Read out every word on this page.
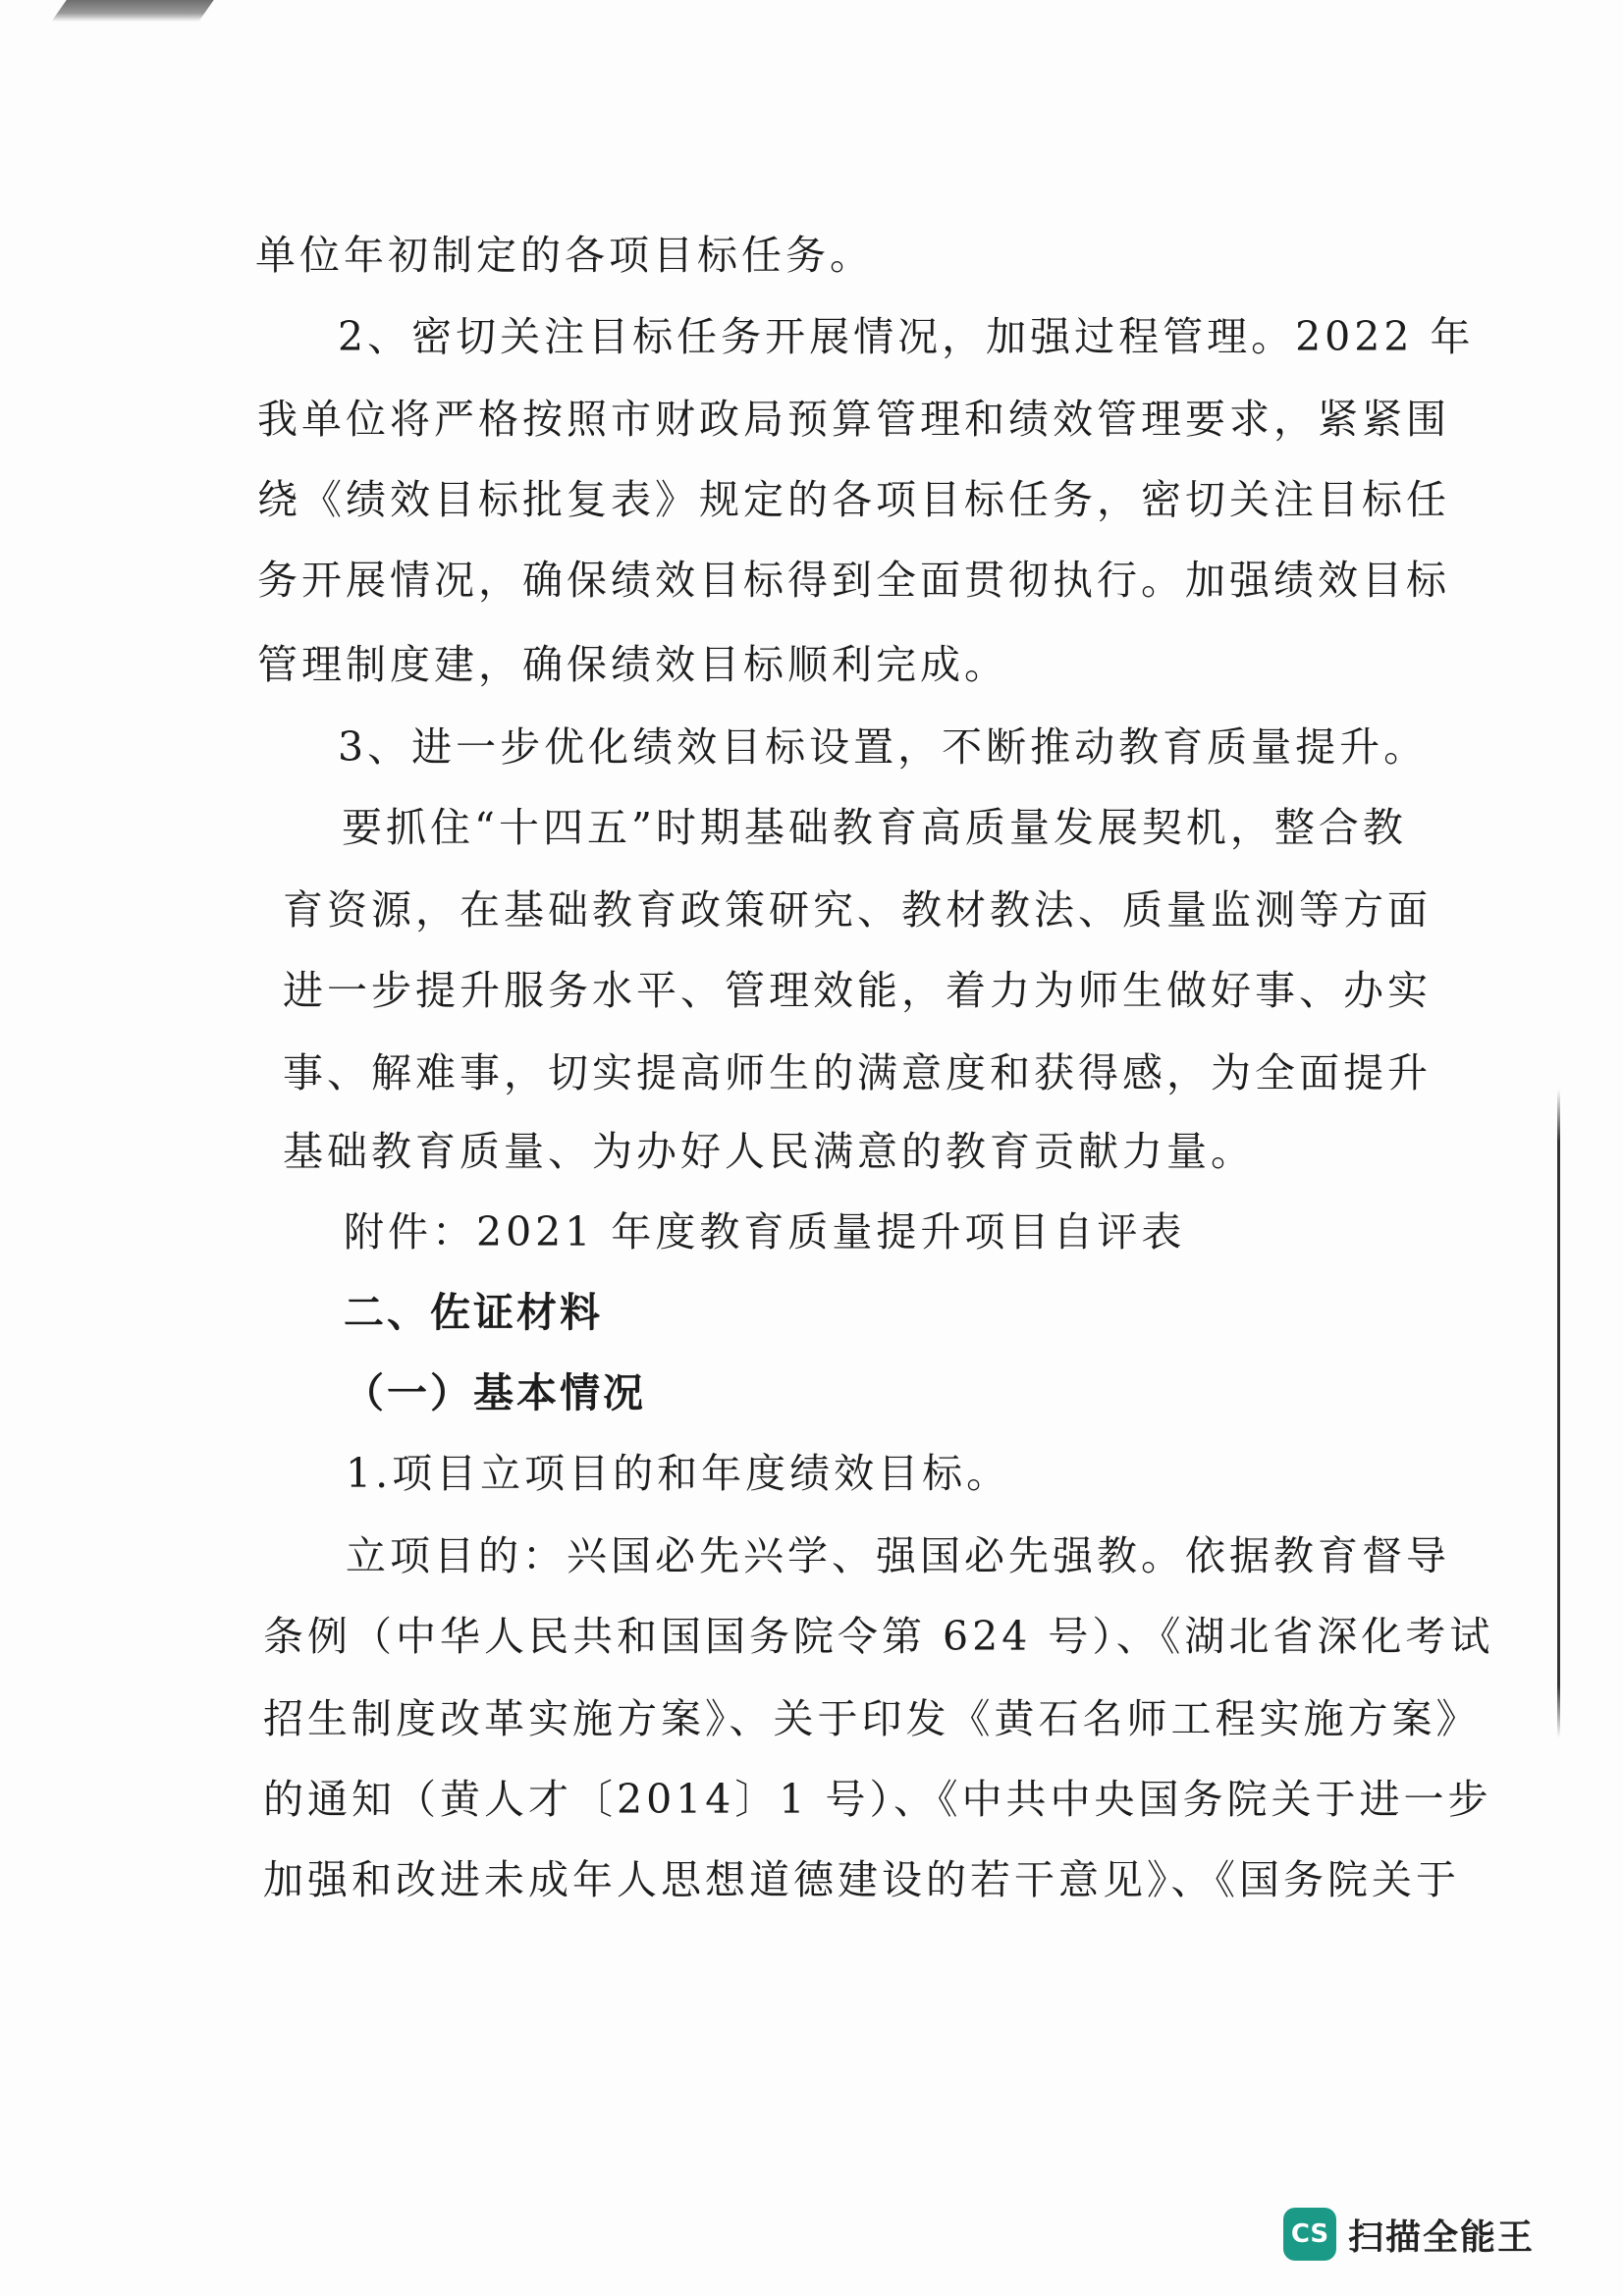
单位年初制定的各项目标任务。
2、密切关注目标任务开展情况，加强过程管理。2022 年
我单位将严格按照市财政局预算管理和绩效管理要求，紧紧围
绕《绩效目标批复表》规定的各项目标任务，密切关注目标任
务开展情况，确保绩效目标得到全面贯彻执行。加强绩效目标
管理制度建，确保绩效目标顺利完成。
3、进一步优化绩效目标设置，不断推动教育质量提升。
要抓住“十四五”时期基础教育高质量发展契机，整合教
育资源，在基础教育政策研究、教材教法、质量监测等方面
进一步提升服务水平、管理效能，着力为师生做好事、办实
事、解难事，切实提高师生的满意度和获得感，为全面提升
基础教育质量、为办好人民满意的教育贡献力量。
附件：2021 年度教育质量提升项目自评表
二、佐证材料
（一）基本情况
1.项目立项目的和年度绩效目标。
立项目的：兴国必先兴学、强国必先强教。依据教育督导
条例（中华人民共和国国务院令第 624 号）、《湖北省深化考试
招生制度改革实施方案》、关于印发《黄石名师工程实施方案》
的通知（黄人才〔2014〕1 号）、《中共中央国务院关于进一步
加强和改进未成年人思想道德建设的若干意见》、《国务院关于
CS 扫描全能王
